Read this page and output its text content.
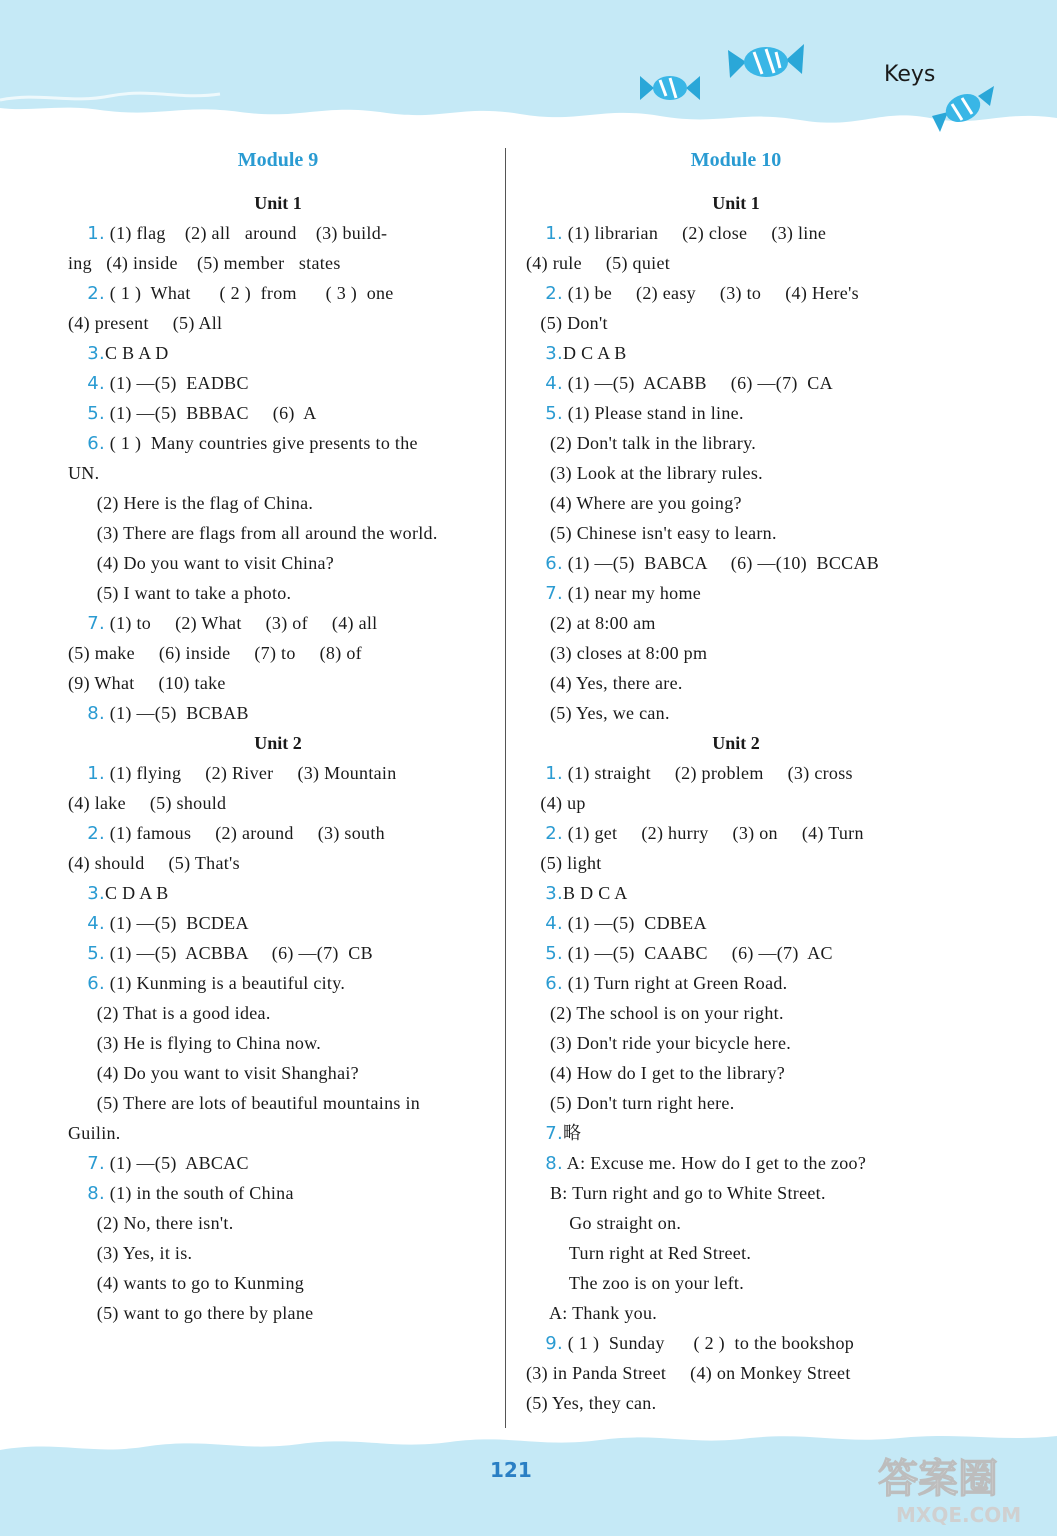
Keys
Module 9
Unit 1
1. (1) flag    (2) all   around    (3) build-
ing   (4) inside    (5) member   states
2. ( 1 )  What      ( 2 )  from      ( 3 )  one
(4) present     (5) All
3.C B A D
4. (1) —(5)  EADBC
5. (1) —(5)  BBBAC     (6)  A
6. ( 1 )  Many countries give presents to the
UN.
(2) Here is the flag of China.
(3) There are flags from all around the world.
(4) Do you want to visit China?
(5) I want to take a photo.
7. (1) to     (2) What     (3) of     (4) all
(5) make     (6) inside     (7) to     (8) of
(9) What     (10) take
8. (1) —(5)  BCBAB
Unit 2
1. (1) flying     (2) River     (3) Mountain
(4) lake     (5) should
2. (1) famous     (2) around     (3) south
(4) should     (5) That's
3.C D A B
4. (1) —(5)  BCDEA
5. (1) —(5)  ACBBA     (6) —(7)  CB
6. (1) Kunming is a beautiful city.
(2) That is a good idea.
(3) He is flying to China now.
(4) Do you want to visit Shanghai?
(5) There are lots of beautiful mountains in
Guilin.
7. (1) —(5)  ABCAC
8. (1) in the south of China
(2) No, there isn't.
(3) Yes, it is.
(4) wants to go to Kunming
(5) want to go there by plane
Module 10
Unit 1
1. (1) librarian     (2) close     (3) line
(4) rule     (5) quiet
2. (1) be     (2) easy     (3) to     (4) Here's
(5) Don't
3.D C A B
4. (1) —(5)  ACABB     (6) —(7)  CA
5. (1) Please stand in line.
(2) Don't talk in the library.
(3) Look at the library rules.
(4) Where are you going?
(5) Chinese isn't easy to learn.
6. (1) —(5)  BABCA     (6) —(10)  BCCAB
7. (1) near my home
(2) at 8:00 am
(3) closes at 8:00 pm
(4) Yes, there are.
(5) Yes, we can.
Unit 2
1. (1) straight     (2) problem     (3) cross
(4) up
2. (1) get     (2) hurry     (3) on     (4) Turn
(5) light
3.B D C A
4. (1) —(5)  CDBEA
5. (1) —(5)  CAABC     (6) —(7)  AC
6. (1) Turn right at Green Road.
(2) The school is on your right.
(3) Don't ride your bicycle here.
(4) How do I get to the library?
(5) Don't turn right here.
7.略
8. A: Excuse me. How do I get to the zoo?
B: Turn right and go to White Street.
Go straight on.
Turn right at Red Street.
The zoo is on your left.
A: Thank you.
9. ( 1 )  Sunday      ( 2 )  to the bookshop
(3) in Panda Street     (4) on Monkey Street
(5) Yes, they can.
121	答案圈
MXQE.COM
